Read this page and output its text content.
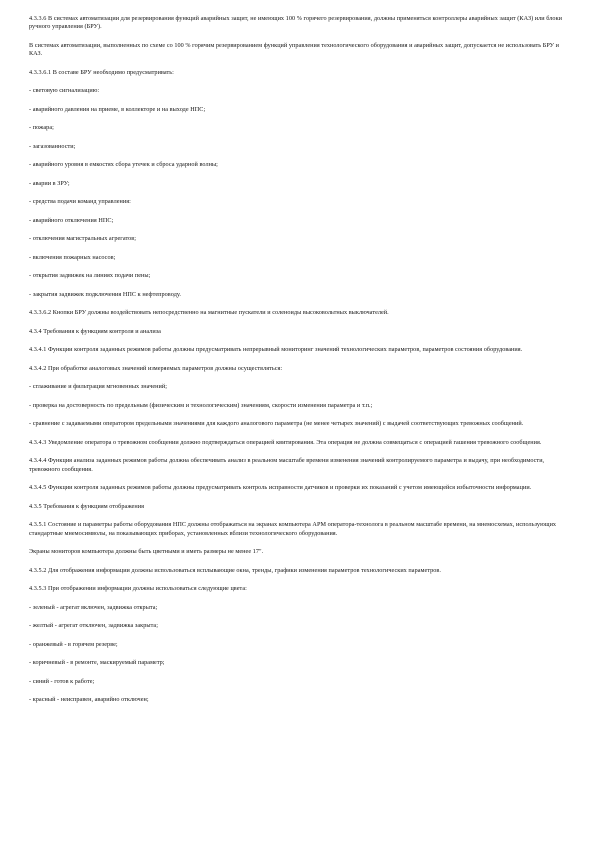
4.3.3.6 В системах автоматизации для резервирования функций аварийных защит, не имеющих 100 % горячего резервирования, должны применяться контроллеры аварийных защит (КАЗ) или блоки ручного управления (БРУ).

В системах автоматизации, выполненных по схеме со 100 % горячим резервированием функций управления технологического оборудования и аварийных защит, допускается не использовать БРУ и КАЗ.

4.3.3.6.1 В составе БРУ необходимо предусматривать:

- световую сигнализацию:

- аварийного давления на приеме, в коллекторе и на выходе НПС;

- пожара;

- загазованности;

- аварийного уровня в емкостях сбора утечек и сброса ударной волны;

- аварии в ЗРУ;

- средства подачи команд управления:

- аварийного отключения НПС;

- отключения магистральных агрегатов;

- включения пожарных насосов;

- открытия задвижек на линиях подачи пены;

- закрытия задвижек подключения НПС к нефтепроводу.

4.3.3.6.2 Кнопки БРУ должны воздействовать непосредственно на магнитные пускатели и соленоиды высоковольтных выключателей.

4.3.4 Требования к функциям контроля и анализа

4.3.4.1 Функции контроля заданных режимов работы должны предусматривать непрерывный мониторинг значений технологических параметров, параметров состояния оборудования.

4.3.4.2 При обработке аналоговых значений измеряемых параметров должны осуществляться:

- сглаживание и фильтрация мгновенных значений;

- проверка на достоверность по предельным (физическим и технологическим) значениям, скорости изменения параметра и т.п.;

- сравнение с задаваемыми оператором предельными значениями для каждого аналогового параметра (не менее четырех значений) с выдачей соответствующих тревожных сообщений.

4.3.4.3 Уведомление оператора о тревожном сообщении должно подтверждаться операцией квитирования. Эта операция не должна совмещаться с операцией гашения тревожного сообщения.

4.3.4.4 Функция анализа заданных режимов работы должна обеспечивать анализ в реальном масштабе времени изменения значений контролируемого параметра и выдачу, при необходимости, тревожного сообщения.

4.3.4.5 Функции контроля заданных режимов работы должны предусматривать контроль исправности датчиков и проверки их показаний с учетом имеющейся избыточности информации.

4.3.5 Требования к функциям отображения

4.3.5.1 Состояние и параметры работы оборудования НПС должны отображаться на экранах компьютера АРМ оператора-технолога в реальном масштабе времени, на мнемосхемах, использующих стандартные мнемосимволы, на показывающих приборах, установленных вблизи технологического оборудования.

Экраны мониторов компьютера должны быть цветными и иметь размеры не менее 17".

4.3.5.2 Для отображения информации должны использоваться всплывающие окна, тренды, графики изменения параметров технологических параметров.

4.3.5.3 При отображении информации должны использоваться следующие цвета:

- зеленый - агрегат включен, задвижка открыта;

- желтый - агрегат отключен, задвижка закрыта;

- оранжевый - в горячем резерве;

- коричневый - в ремонте, маскируемый параметр;

- синий - готов к работе;

- красный - неисправен, аварийно отключен;
